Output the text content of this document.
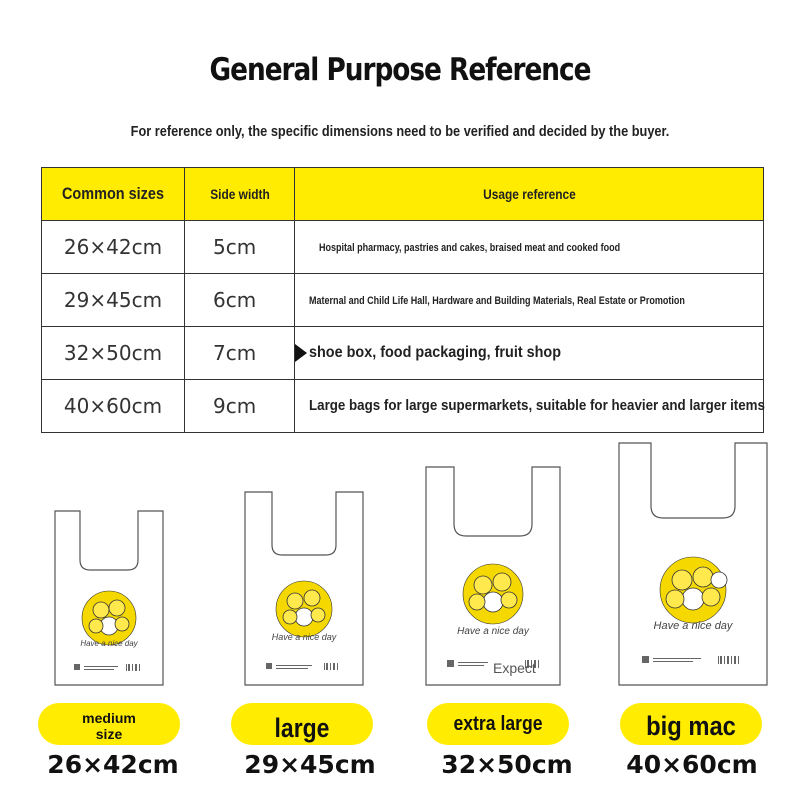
General Purpose Reference
For reference only, the specific dimensions need to be verified and decided by the buyer.
Common sizes	Side width	Usage reference
26×42cm	5cm	Hospital pharmacy, pastries and cakes, braised meat and cooked food
29×45cm	6cm	Maternal and Child Life Hall, Hardware and Building Materials, Real Estate or Promotion
32×50cm	7cm	shoe box, food packaging, fruit shop
40×60cm	9cm	Large bags for large supermarkets, suitable for heavier and larger items
Have a nice day
Have a nice day	Have a nice day
Expect
Have a nice day
medium size	large	extra large	big mac
26×42cm	29×45cm	32×50cm	40×60cm
